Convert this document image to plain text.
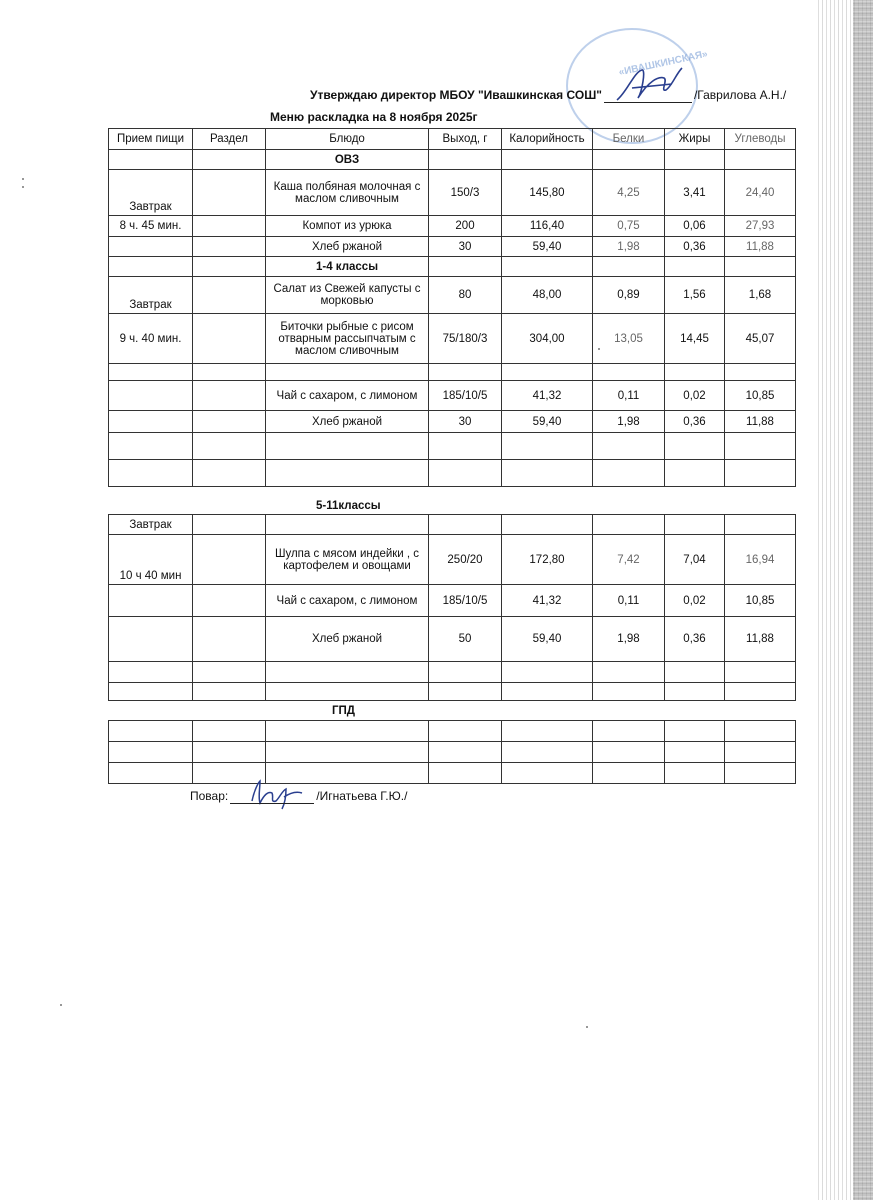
«ИВАШКИНСКАЯ»
Утверждаю директор МБОУ "Ивашкинская СОШ"	/Гаврилова А.Н./
Меню раскладка на 8 ноября 2025г
Прием пищи	Раздел	Блюдо	Выход, г	Калорийность	Белки	Жиры	Углеводы
		ОВЗ					
Завтрак		Каша полбяная молочная с маслом сливочным	150/3	145,80	4,25	3,41	24,40
8 ч. 45 мин.		Компот из урюка	200	116,40	0,75	0,06	27,93
		Хлеб ржаной	30	59,40	1,98	0,36	11,88
		1-4 классы					
Завтрак		Салат из Свежей капусты с морковью	80	48,00	0,89	1,56	1,68
9 ч. 40 мин.		Биточки рыбные с рисом отварным рассыпчатым с маслом сливочным	75/180/3	304,00	13,05	14,45	45,07

		Чай с сахаром, с лимоном	185/10/5	41,32	0,11	0,02	10,85
		Хлеб ржаной	30	59,40	1,98	0,36	11,88

5-11классы
Завтрак							
10 ч 40 мин		Шулпа с мясом индейки , с картофелем и овощами	250/20	172,80	7,42	7,04	16,94
		Чай с сахаром, с лимоном	185/10/5	41,32	0,11	0,02	10,85
		Хлеб ржаной	50	59,40	1,98	0,36	11,88

ГПД

Повар:	/Игнатьева Г.Ю./
